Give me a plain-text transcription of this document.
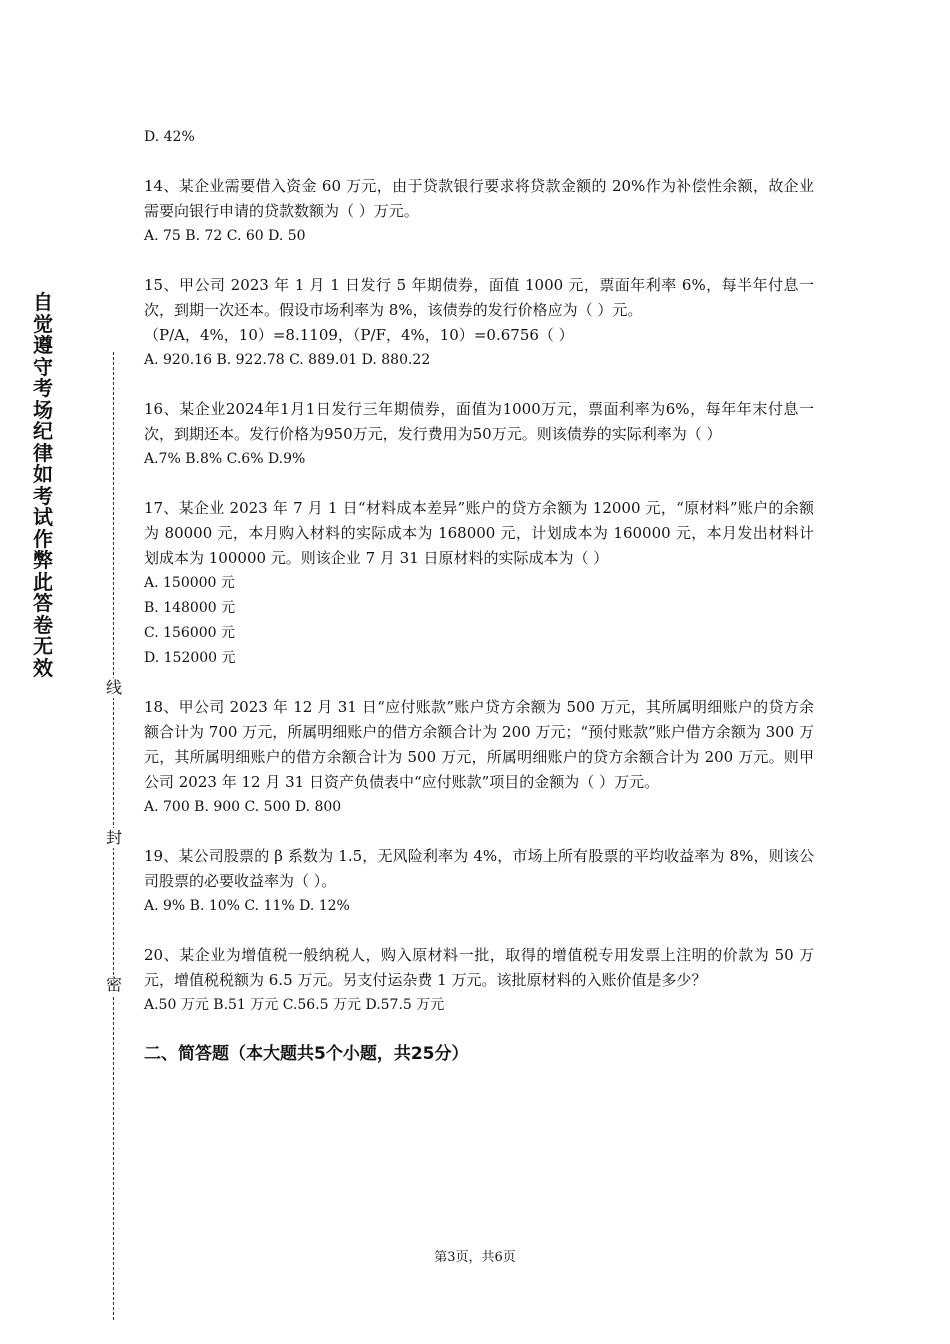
自觉遵守考场纪律如考试作弊此答卷无效
线
封
密

D. 42%

14、某企业需要借入资金 60 万元，由于贷款银行要求将贷款金额的 20%作为补偿性余额，故企业需要向银行申请的贷款数额为（ ）万元。

A. 75 B. 72 C. 60 D. 50

15、甲公司 2023 年 1 月 1 日发行 5 年期债券，面值 1000 元，票面年利率 6%，每半年付息一次，到期一次还本。假设市场利率为 8%，该债券的发行价格应为（ ）元。

（P/A，4%，10）=8.1109，（P/F，4%，10）=0.6756（ ）

A. 920.16 B. 922.78 C. 889.01 D. 880.22

16、某企业2024年1月1日发行三年期债券，面值为1000万元，票面利率为6%，每年年末付息一次，到期还本。发行价格为950万元，发行费用为50万元。则该债券的实际利率为（ ）

A.7% B.8% C.6% D.9%

17、某企业 2023 年 7 月 1 日“材料成本差异”账户的贷方余额为 12000 元，“原材料”账户的余额为 80000 元，本月购入材料的实际成本为 168000 元，计划成本为 160000 元，本月发出材料计划成本为 100000 元。则该企业 7 月 31 日原材料的实际成本为（ ）

A. 150000 元

B. 148000 元

C. 156000 元

D. 152000 元

18、甲公司 2023 年 12 月 31 日“应付账款”账户贷方余额为 500 万元，其所属明细账户的贷方余额合计为 700 万元，所属明细账户的借方余额合计为 200 万元；“预付账款”账户借方余额为 300 万元，其所属明细账户的借方余额合计为 500 万元，所属明细账户的贷方余额合计为 200 万元。则甲公司 2023 年 12 月 31 日资产负债表中“应付账款”项目的金额为（ ）万元。

A. 700 B. 900 C. 500 D. 800

19、某公司股票的 β 系数为 1.5，无风险利率为 4%，市场上所有股票的平均收益率为 8%，则该公司股票的必要收益率为（ ）。

A. 9% B. 10% C. 11% D. 12%

20、某企业为增值税一般纳税人，购入原材料一批，取得的增值税专用发票上注明的价款为 50 万元，增值税税额为 6.5 万元。另支付运杂费 1 万元。该批原材料的入账价值是多少？

A.50 万元 B.51 万元 C.56.5 万元 D.57.5 万元

二、简答题（本大题共5个小题，共25分）
第3页，共6页
